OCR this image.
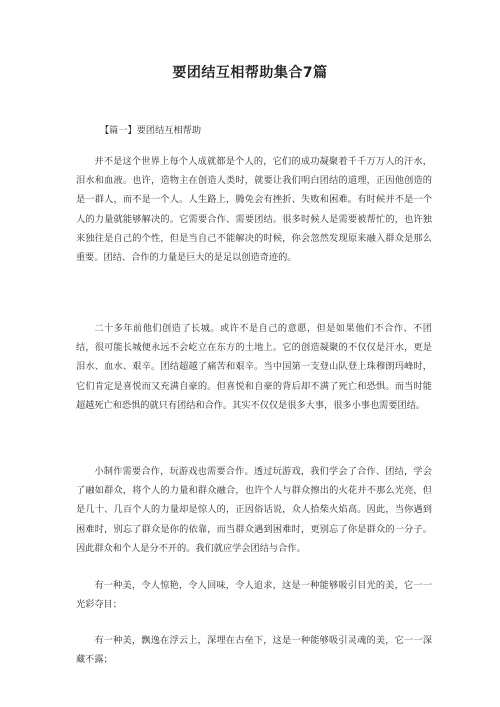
要团结互相帮助集合7篇
【篇一】要团结互相帮助

并不是这个世界上每个人成就都是个人的，它们的成功凝聚着千千万万人的汗水，泪水和血液。也许，造物主在创造人类时，就要让我们明白团结的道理，正因他创造的是一群人，而不是一个人。人生路上，腾免会有挫折、失败和困难。有时候并不是一个人的力量就能够解决的。它需要合作、需要团结。很多时候人是需要被帮忙的，也许独来独往是自己的个性，但是当自己不能解决的时候，你会忽然发现原来融入群众是那么重要。团结、合作的力量是巨大的是足以创造奇迹的。

二十多年前他们创造了长城。或许不是自己的意愿，但是如果他们不合作、不团结，很可能长城便永远不会屹立在东方的土地上。它的创造凝聚的不仅仅是汗水，更是泪水、血水、艰辛。团结超越了痛苦和艰辛。当中国第一支登山队登上珠穆朗玛峰时，它们肯定是喜悦而又充满自豪的。但喜悦和自豪的背后却不满了死亡和恐惧。而当时能超越死亡和恐惧的就只有团结和合作。其实不仅仅是很多大事，很多小事也需要团结。

小制作需要合作，玩游戏也需要合作。透过玩游戏，我们学会了合作、团结，学会了融如群众，将个人的力量和群众融合，也许个人与群众擦出的火花并不那么光亮，但是几十、几百个人的力量却是惊人的，正因俗话说，众人拾柴火焰高。因此，当你遇到困难时，别忘了群众是你的依靠，而当群众遇到困难时，更别忘了你是群众的一分子。因此群众和个人是分不开的。我们就应学会团结与合作。

有一种美，令人惊艳，令人回味，令人追求，这是一种能够吸引目光的美，它一一光彩夺目；

有一种美，飘逸在浮云上，深埋在古垒下，这是一种能够吸引灵魂的美，它一一深藏不露；
